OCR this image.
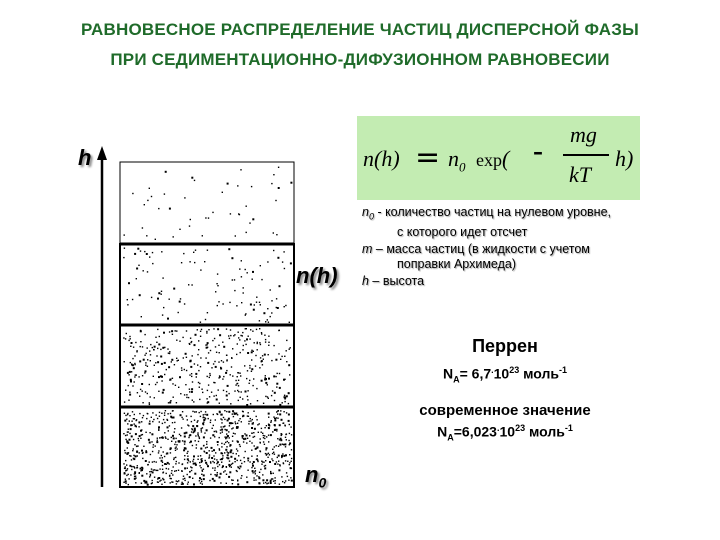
РАВНОВЕСНОЕ РАСПРЕДЕЛЕНИЕ ЧАСТИЦ ДИСПЕРСНОЙ ФАЗЫ
ПРИ СЕДИМЕНТАЦИОННО-ДИФУЗИОННОМ РАВНОВЕСИИ
h
n(h)
$n_0$
$n(h) = n_0$ exp( - mg
kT
h)
$n_0$ - количество частиц на нулевом уровне,
с которого идет отсчет
m – масса частиц (в жидкости с учетом
поправки Архимеда)
h – высота
Перрен
$N_A= 6,7^.10^{23}$ моль$^{-1}$
современное значение
$N_A=6,023^.10^{23}$ моль$^{-1}$
